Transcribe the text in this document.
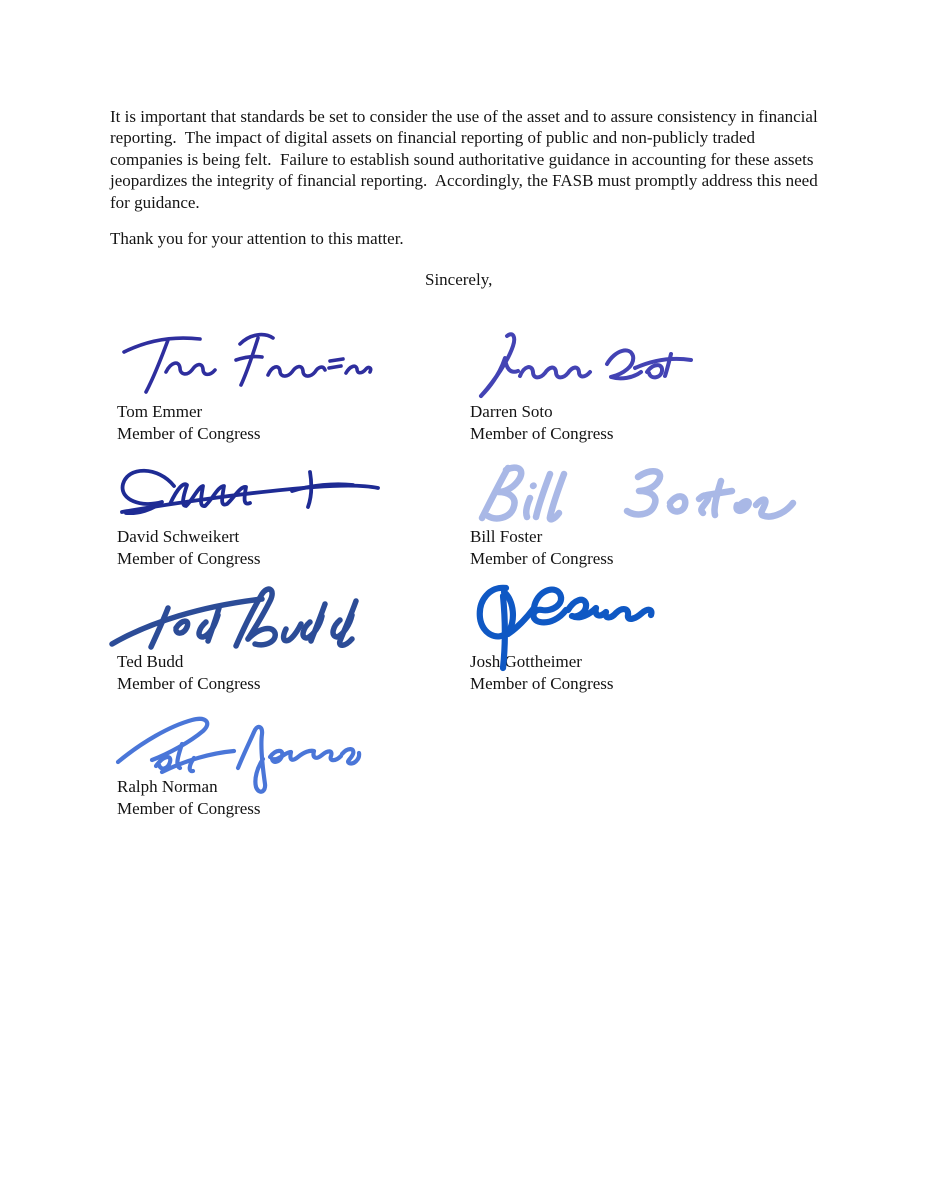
It is important that standards be set to consider the use of the asset and to assure consistency in financial reporting.  The impact of digital assets on financial reporting of public and non-publicly traded companies is being felt.  Failure to establish sound authoritative guidance in accounting for these assets jeopardizes the integrity of financial reporting.  Accordingly, the FASB must promptly address this need for guidance.
Thank you for your attention to this matter.
Sincerely,
Tom Emmer
Member of Congress
Darren Soto
Member of Congress
David Schweikert
Member of Congress
Bill Foster
Member of Congress
Ted Budd
Member of Congress
Josh Gottheimer
Member of Congress
Ralph Norman
Member of Congress
